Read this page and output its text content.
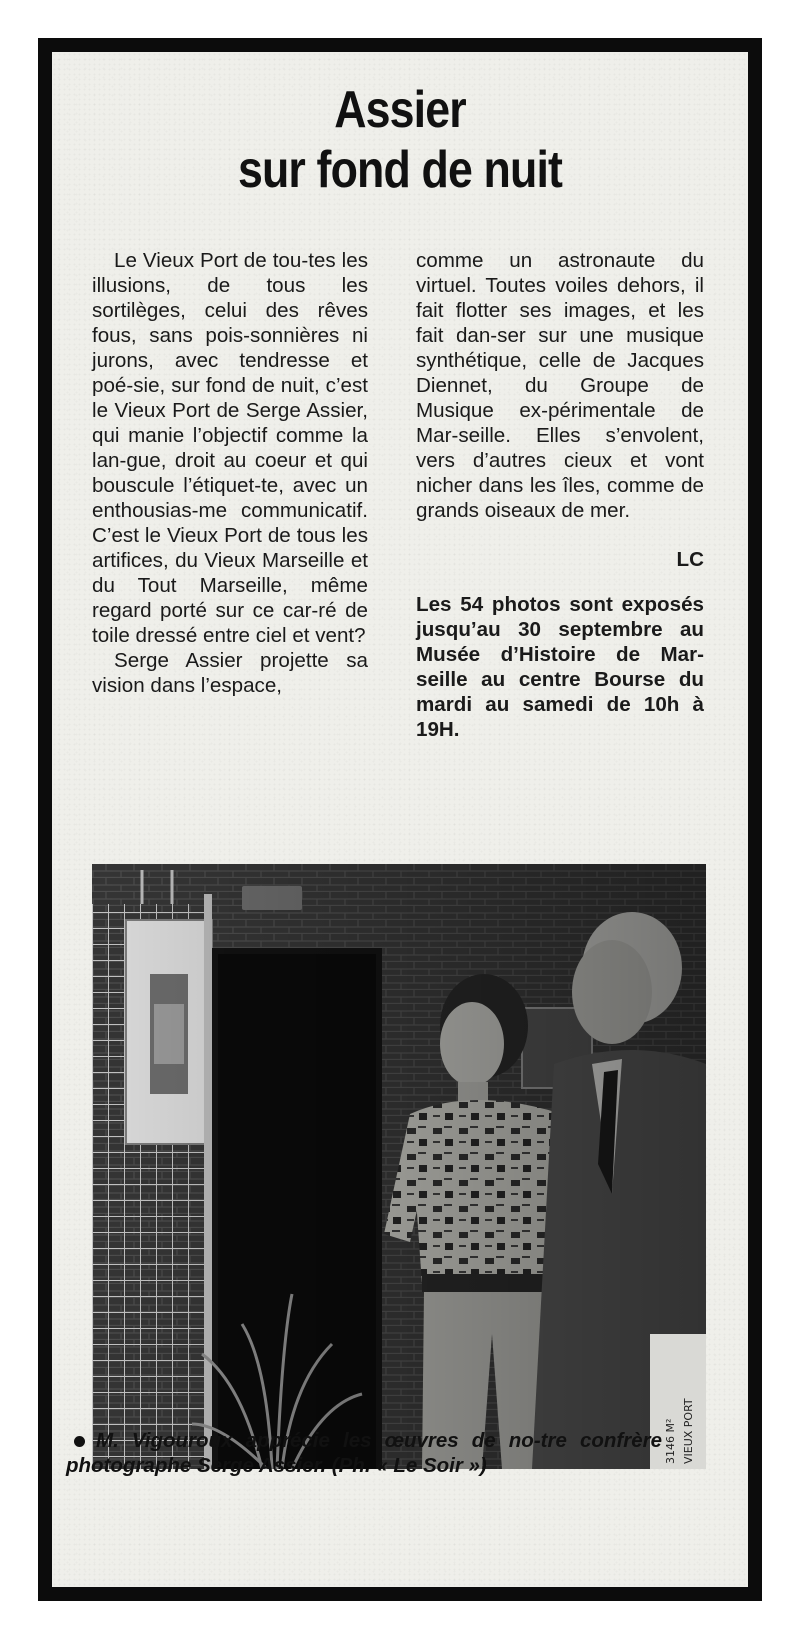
Assier
sur fond de nuit

Le Vieux Port de tou-tes les illusions, de tous les sortilèges, celui des rêves fous, sans pois-sonnières ni jurons, avec tendresse et poé-sie, sur fond de nuit, c’est le Vieux Port de Serge Assier, qui manie l’objectif comme la lan-gue, droit au coeur et qui bouscule l’étiquet-te, avec un enthousias-me communicatif. C’est le Vieux Port de tous les artifices, du Vieux Marseille et du Tout Marseille, même regard porté sur ce car-ré de toile dressé entre ciel et vent?

Serge Assier projette sa vision dans l’espace,

comme un astronaute du virtuel. Toutes voiles dehors, il fait flotter ses images, et les fait dan-ser sur une musique synthétique, celle de Jacques Diennet, du Groupe de Musique ex-périmentale de Mar-seille. Elles s’envolent, vers d’autres cieux et vont nicher dans les îles, comme de grands oiseaux de mer.

LC

Les 54 photos sont exposés jusqu’au 30 septembre au Musée d’Histoire de Mar-seille au centre Bourse du mardi au samedi de 10h à 19H.

3146 M² VIEUX PORT

M. Vigouroux apprécie les œuvres de no-tre confrère photographe Serge Assier. (Ph. « Le Soir »)
